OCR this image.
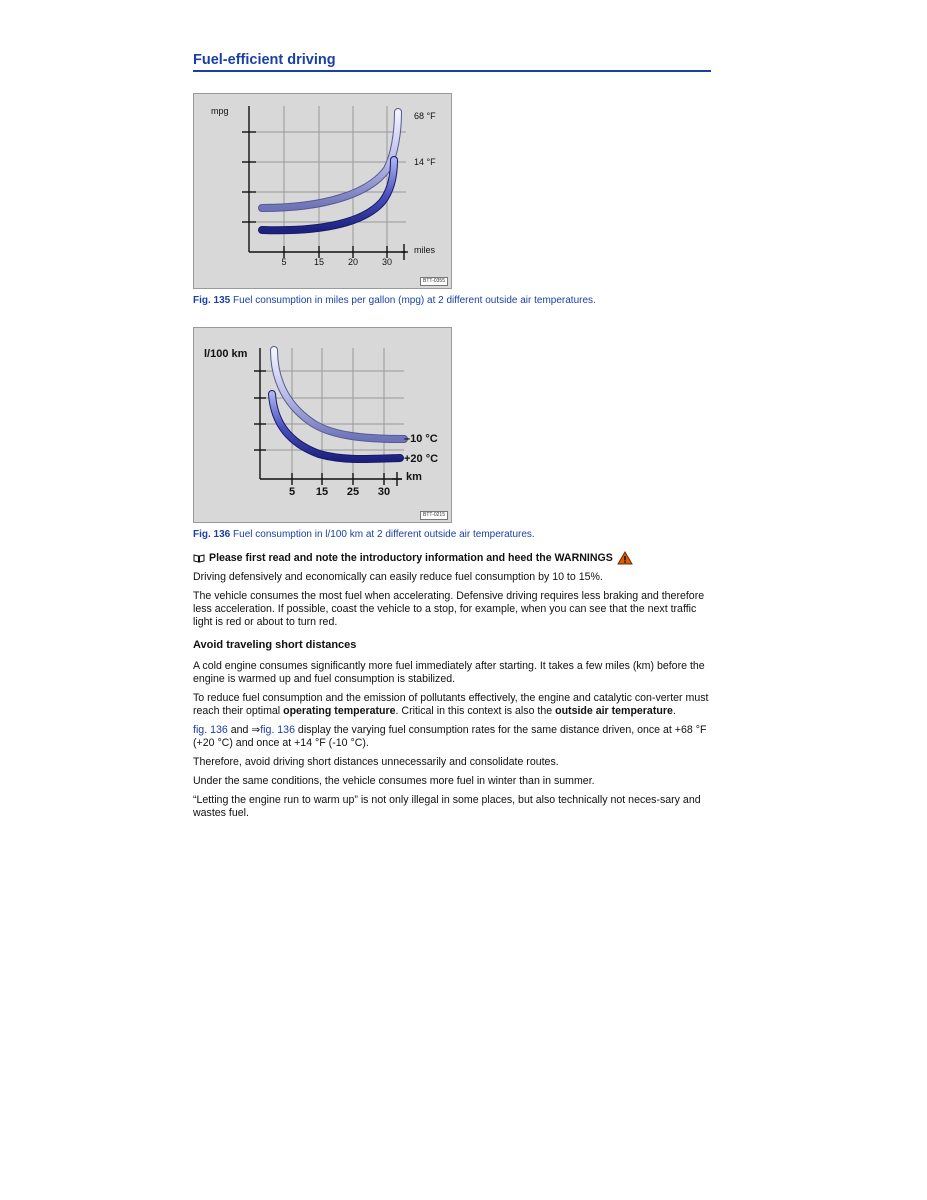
Fuel-efficient driving
mpg	68 °F
14 °F
miles
5	15	20	30
BTT-0355
Fig. 135 Fuel consumption in miles per gallon (mpg) at 2 different outside air temperatures.
l/100 km
–10 °C
+20 °C
km
5 15 25 30
BTT-0215
Fig. 136 Fuel consumption in l/100 km at 2 different outside air temperatures.

Please first read and note the introductory information and heed the WARNINGS

Driving defensively and economically can easily reduce fuel consumption by 10 to 15%.

The vehicle consumes the most fuel when accelerating. Defensive driving requires less braking and therefore less acceleration. If possible, coast the vehicle to a stop, for example, when you can see that the next traffic light is red or about to turn red.

Avoid traveling short distances

A cold engine consumes significantly more fuel immediately after starting. It takes a few miles (km) before the engine is warmed up and fuel consumption is stabilized.

To reduce fuel consumption and the emission of pollutants effectively, the engine and catalytic con-verter must reach their optimal operating temperature. Critical in this context is also the outside air temperature.

fig. 136 and ⇒fig. 136 display the varying fuel consumption rates for the same distance driven, once at +68 °F (+20 °C) and once at +14 °F (-10 °C).

Therefore, avoid driving short distances unnecessarily and consolidate routes.

Under the same conditions, the vehicle consumes more fuel in winter than in summer.

“Letting the engine run to warm up” is not only illegal in some places, but also technically not neces-sary and wastes fuel.
